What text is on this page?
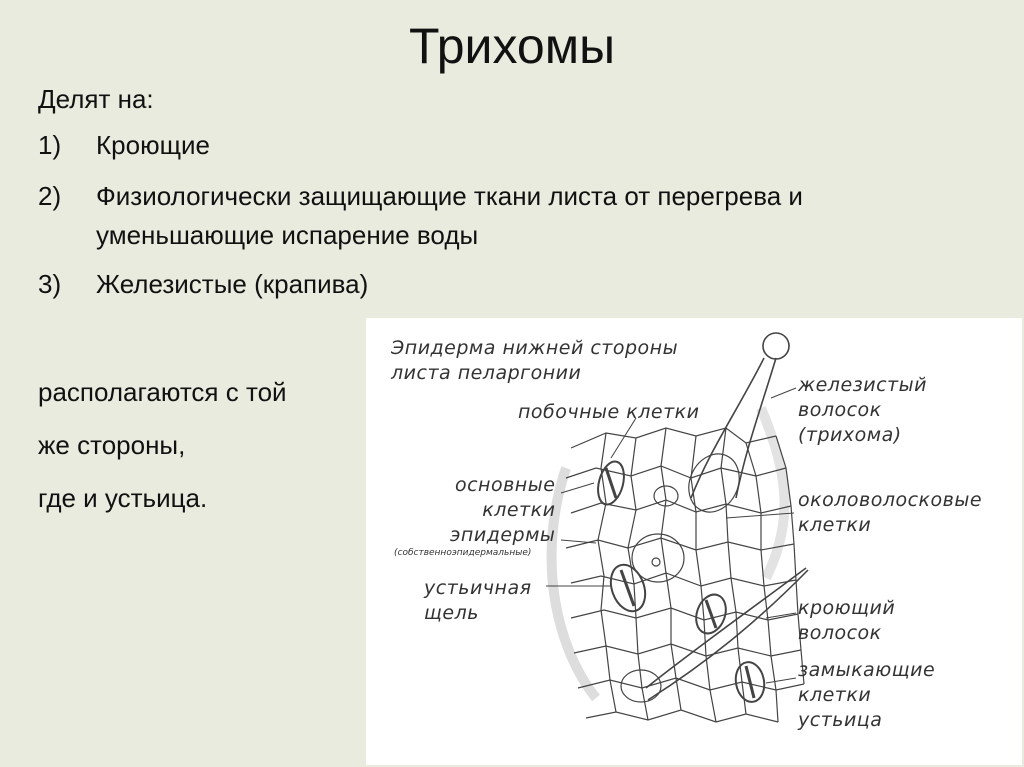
Трихомы
Делят на:
1)	Кроющие
2)	Физиологически защищающие ткани листа от перегрева и
уменьшающие испарение воды
3)	Железистые (крапива)
располагаются с той
же стороны,
где и устьица.
Эпидерма нижней стороны
листа пеларгонии
побочные клетки
железистый
волосок
(трихома)
основные
клетки
эпидермы
(собственноэпидермальные)
околоволосковые
клетки
устьичная
щель	кроющий
волосок
замыкающие
клетки
устьица
